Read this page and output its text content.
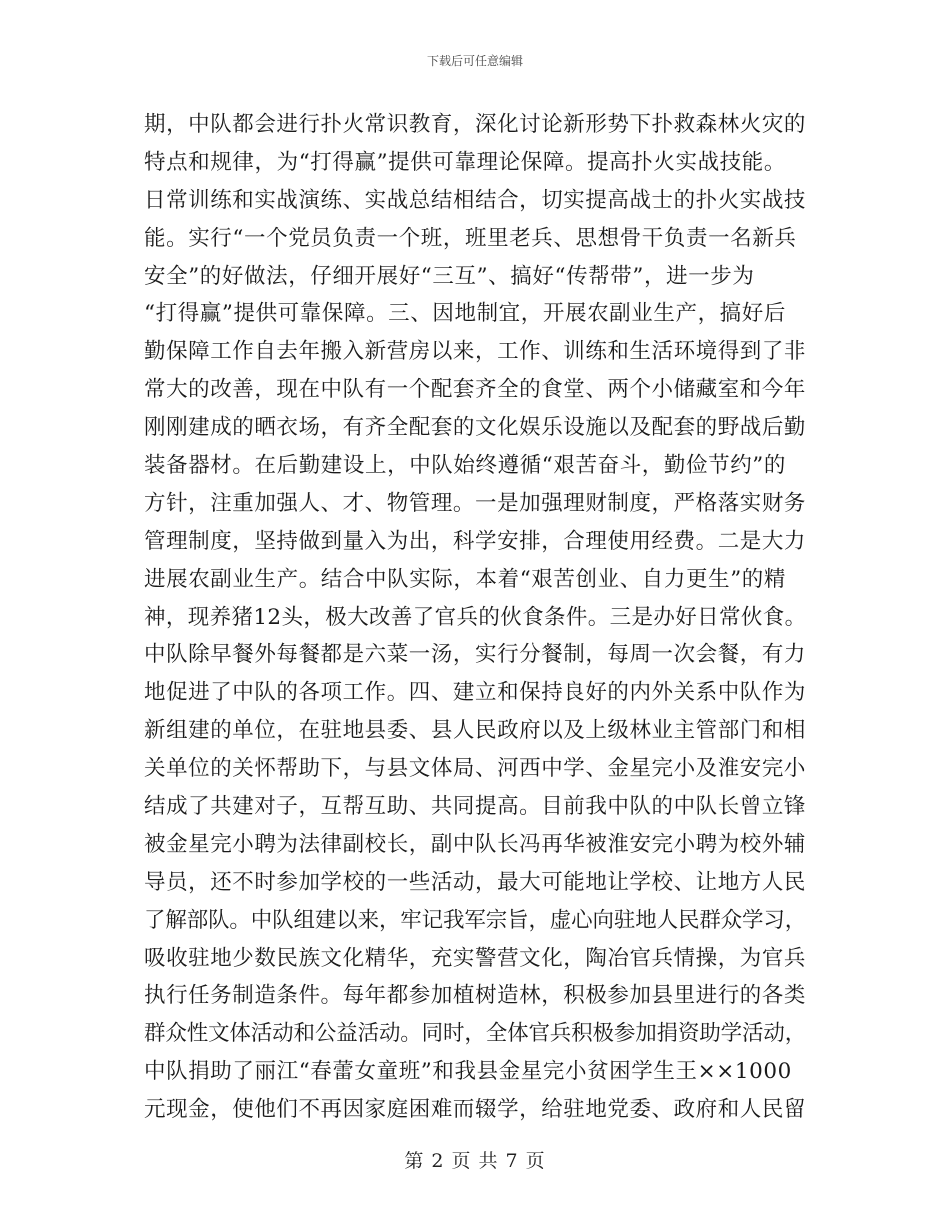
下载后可任意编辑
期，中队都会进行扑火常识教育，深化讨论新形势下扑救森林火灾的
特点和规律，为“打得赢”提供可靠理论保障。提高扑火实战技能。
日常训练和实战演练、实战总结相结合，切实提高战士的扑火实战技
能。实行“一个党员负责一个班，班里老兵、思想骨干负责一名新兵
安全”的好做法，仔细开展好“三互”、搞好“传帮带”，进一步为
“打得赢”提供可靠保障。三、因地制宜，开展农副业生产，搞好后
勤保障工作自去年搬入新营房以来，工作、训练和生活环境得到了非
常大的改善，现在中队有一个配套齐全的食堂、两个小储藏室和今年
刚刚建成的晒衣场，有齐全配套的文化娱乐设施以及配套的野战后勤
装备器材。在后勤建设上，中队始终遵循“艰苦奋斗，勤俭节约”的
方针，注重加强人、才、物管理。一是加强理财制度，严格落实财务
管理制度，坚持做到量入为出，科学安排，合理使用经费。二是大力
进展农副业生产。结合中队实际，本着“艰苦创业、自力更生”的精
神，现养猪12头，极大改善了官兵的伙食条件。三是办好日常伙食。
中队除早餐外每餐都是六菜一汤，实行分餐制，每周一次会餐，有力
地促进了中队的各项工作。四、建立和保持良好的内外关系中队作为
新组建的单位，在驻地县委、县人民政府以及上级林业主管部门和相
关单位的关怀帮助下，与县文体局、河西中学、金星完小及淮安完小
结成了共建对子，互帮互助、共同提高。目前我中队的中队长曾立锋
被金星完小聘为法律副校长，副中队长冯再华被淮安完小聘为校外辅
导员，还不时参加学校的一些活动，最大可能地让学校、让地方人民
了解部队。中队组建以来，牢记我军宗旨，虚心向驻地人民群众学习，
吸收驻地少数民族文化精华，充实警营文化，陶冶官兵情操，为官兵
执行任务制造条件。每年都参加植树造林，积极参加县里进行的各类
群众性文体活动和公益活动。同时，全体官兵积极参加捐资助学活动，
中队捐助了丽江“春蕾女童班”和我县金星完小贫困学生王××1000
元现金，使他们不再因家庭困难而辍学，给驻地党委、政府和人民留
第 2 页 共 7 页
